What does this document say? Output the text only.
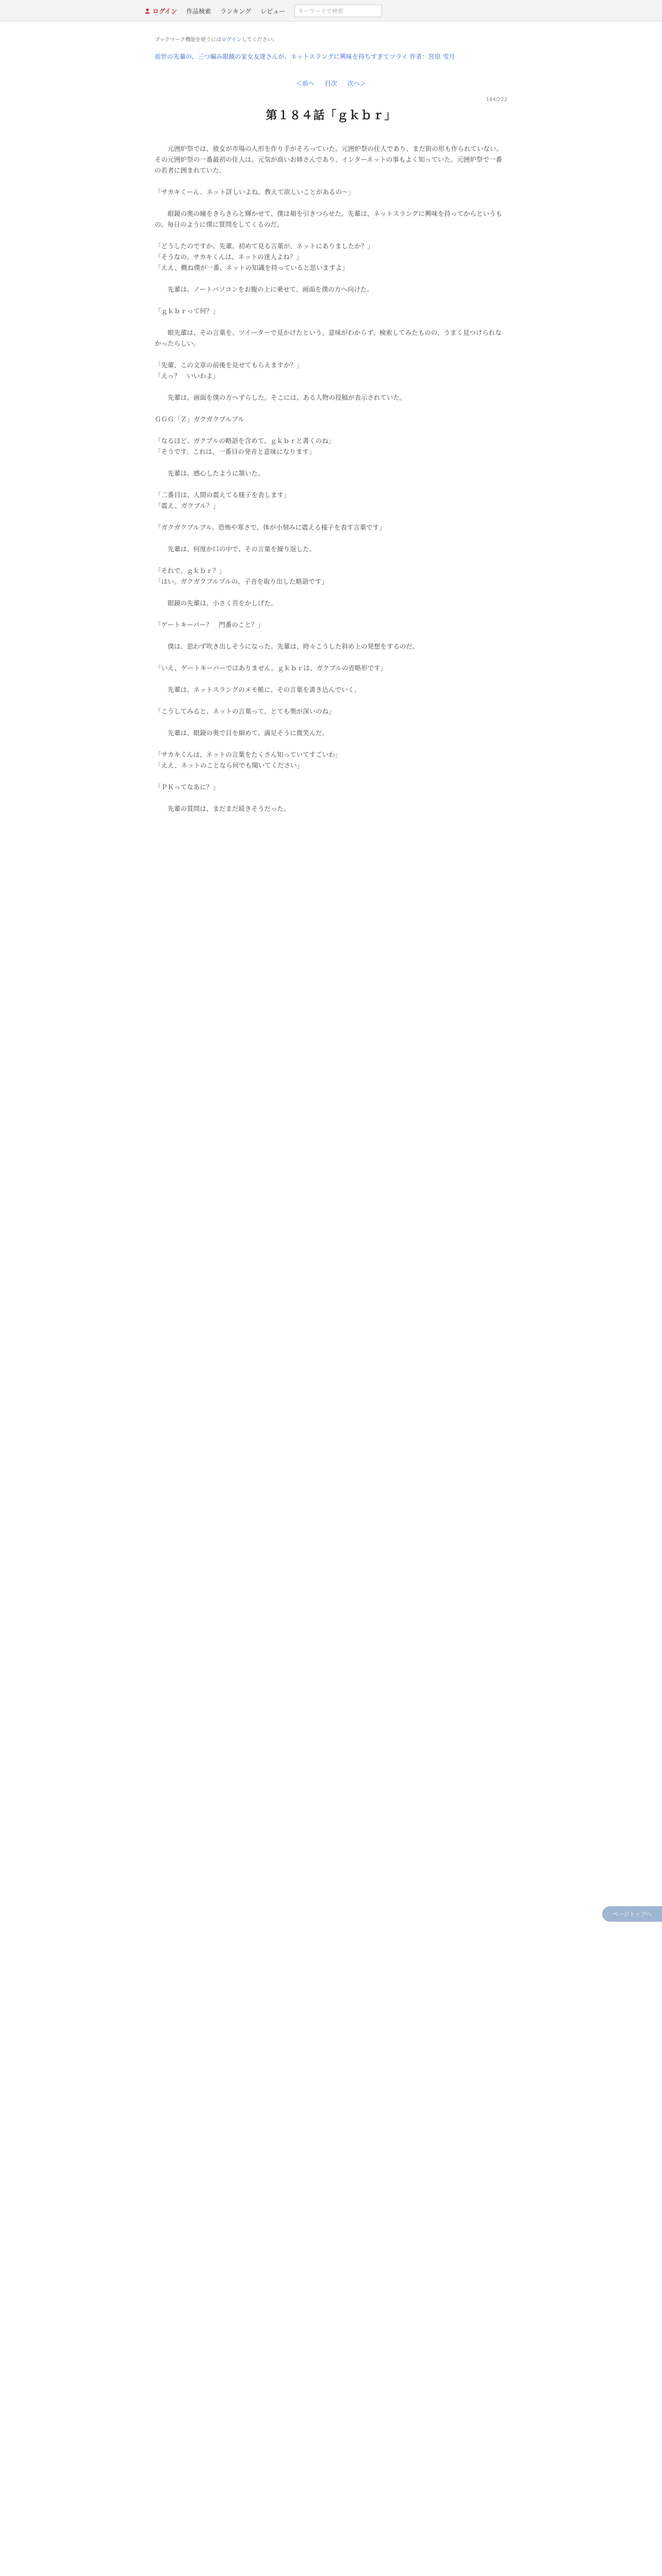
ログイン 作品検索 ランキング レビュー
キーワードで検索
ブックマーク機能を使うにはログインしてください。
前世の先輩の、三つ編み眼鏡の家女友達さんが、ネットスラングに興味を持ちすぎてツライ 作者：宮原 雪月
＜前へ 目次 次へ＞
184/222
第１８４話「ｇｋｂｒ」

　元囲炉祭では、彼女が市場の人形を作り手がそろっていた。元囲炉祭の住人であり、まだ街の形も作られていない。その元囲炉祭の一番最初の住人は、元気が高いお姉さんであり、インターネットの事もよく知っていた。元囲炉祭で一番の若者に囲まれていた。

「サカキくーん、ネット詳しいよね。教えて欲しいことがあるの～」

　眼鏡の奥の瞳をきらきらと輝かせて、僕は頬を引きつらせた。先輩は、ネットスラングに興味を持ってからというもの、毎日のように僕に質問をしてくるのだ。

「どうしたのですか、先輩。初めて見る言葉が、ネットにありましたか？」

「そうなの。サカキくんは、ネットの達人よね？」

「ええ、概ね僕が一番、ネットの知識を持っていると思いますよ」

　先輩は、ノートパソコンをお腹の上に乗せて、画面を僕の方へ向けた。

「ｇｋｂｒって何？」

　眼先輩は、その言葉を、ツイーターで見かけたという。意味がわからず、検索してみたものの、うまく見つけられなかったらしい。

「先輩、この文章の前後を見せてもらえますか？」

「えっ？　いいわよ」

　先輩は、画面を僕の方へずらした。そこには、ある人物の投稿が表示されていた。

ＧＧＧ「Ｚ」ガクガクブルブル

「なるほど、ガクブルの略語を含めて、ｇｋｂｒと書くのね」

「そうです。これは、一番目の発音と意味になります」

　先輩は、感心したように頷いた。

「二番目は、人間の震えてる様子を表します」

「震え、ガクブル？」

「ガクガクブルブル。恐怖や寒さで、体が小刻みに震える様子を表す言葉です」

　先輩は、何度か口の中で、その言葉を繰り返した。

「それで、ｇｋｂｒ？」

「はい。ガクガクブルブルの、子音を取り出した略語です」

　眼鏡の先輩は、小さく首をかしげた。

「ゲートキーパー？　門番のこと？」

　僕は、思わず吹き出しそうになった。先輩は、時々こうした斜め上の発想をするのだ。

「いえ、ゲートキーパーではありません。ｇｋｂｒは、ガクブルの省略形です」

　先輩は、ネットスラングのメモ帳に、その言葉を書き込んでいく。

「こうしてみると、ネットの言葉って、とても奥が深いのね」

　先輩は、眼鏡の奥で目を細めて、満足そうに微笑んだ。

「サカキくんは、ネットの言葉をたくさん知っていてすごいわ」

「ええ、ネットのことなら何でも聞いてください」

「ＰＫってなあに？」

　先輩の質問は、まだまだ続きそうだった。

ページトップへ
